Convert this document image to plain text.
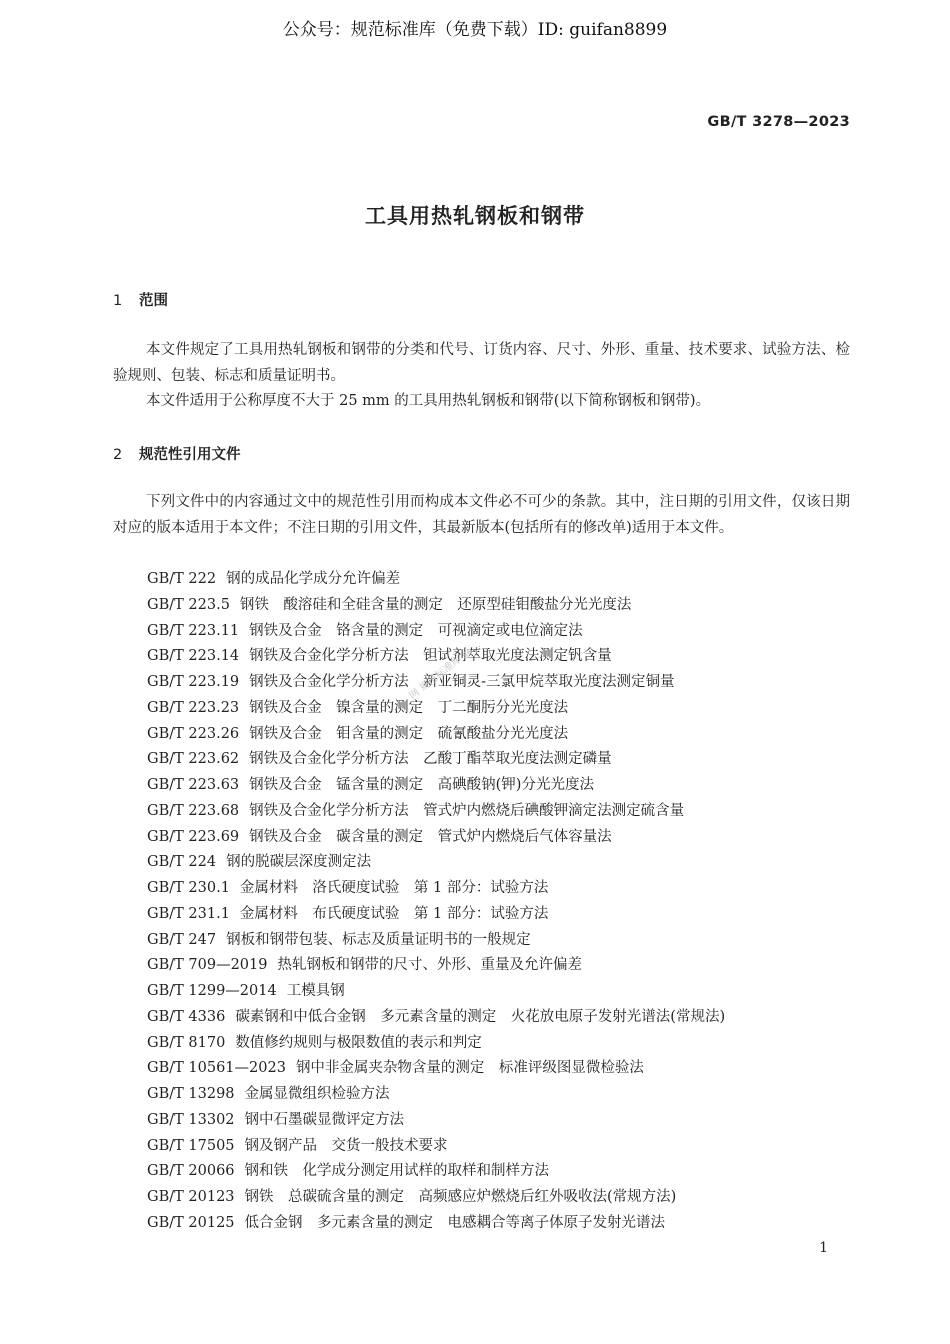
公众号：规范标准库（免费下载）ID: guifan8899
GB/T 3278—2023
工具用热轧钢板和钢带
1 范围
本文件规定了工具用热轧钢板和钢带的分类和代号、订货内容、尺寸、外形、重量、技术要求、试验方法、检验规则、包装、标志和质量证明书。
本文件适用于公称厚度不大于 25 mm 的工具用热轧钢板和钢带(以下简称钢板和钢带)。
2 规范性引用文件
下列文件中的内容通过文中的规范性引用而构成本文件必不可少的条款。其中，注日期的引用文件，仅该日期对应的版本适用于本文件；不注日期的引用文件，其最新版本(包括所有的修改单)适用于本文件。
GB/T 222 钢的成品化学成分允许偏差
GB/T 223.5 钢铁　酸溶硅和全硅含量的测定　还原型硅钼酸盐分光光度法
GB/T 223.11 钢铁及合金　铬含量的测定　可视滴定或电位滴定法
GB/T 223.14 钢铁及合金化学分析方法　钽试剂萃取光度法测定钒含量
GB/T 223.19 钢铁及合金化学分析方法　新亚铜灵-三氯甲烷萃取光度法测定铜量
GB/T 223.23 钢铁及合金　镍含量的测定　丁二酮肟分光光度法
GB/T 223.26 钢铁及合金　钼含量的测定　硫氰酸盐分光光度法
GB/T 223.62 钢铁及合金化学分析方法　乙酸丁酯萃取光度法测定磷量
GB/T 223.63 钢铁及合金　锰含量的测定　高碘酸钠(钾)分光光度法
GB/T 223.68 钢铁及合金化学分析方法　管式炉内燃烧后碘酸钾滴定法测定硫含量
GB/T 223.69 钢铁及合金　碳含量的测定　管式炉内燃烧后气体容量法
GB/T 224 钢的脱碳层深度测定法
GB/T 230.1 金属材料　洛氏硬度试验　第 1 部分：试验方法
GB/T 231.1 金属材料　布氏硬度试验　第 1 部分：试验方法
GB/T 247 钢板和钢带包装、标志及质量证明书的一般规定
GB/T 709—2019 热轧钢板和钢带的尺寸、外形、重量及允许偏差
GB/T 1299—2014 工模具钢
GB/T 4336 碳素钢和中低合金钢　多元素含量的测定　火花放电原子发射光谱法(常规法)
GB/T 8170 数值修约规则与极限数值的表示和判定
GB/T 10561—2023 钢中非金属夹杂物含量的测定　标准评级图显微检验法
GB/T 13298 金属显微组织检验方法
GB/T 13302 钢中石墨碳显微评定方法
GB/T 17505 钢及钢产品　交货一般技术要求
GB/T 20066 钢和铁　化学成分测定用试样的取样和制样方法
GB/T 20123 钢铁　总碳硫含量的测定　高频感应炉燃烧后红外吸收法(常规方法)
GB/T 20125 低合金钢　多元素含量的测定　电感耦合等离子体原子发射光谱法
网 规范标准库 se...
1
